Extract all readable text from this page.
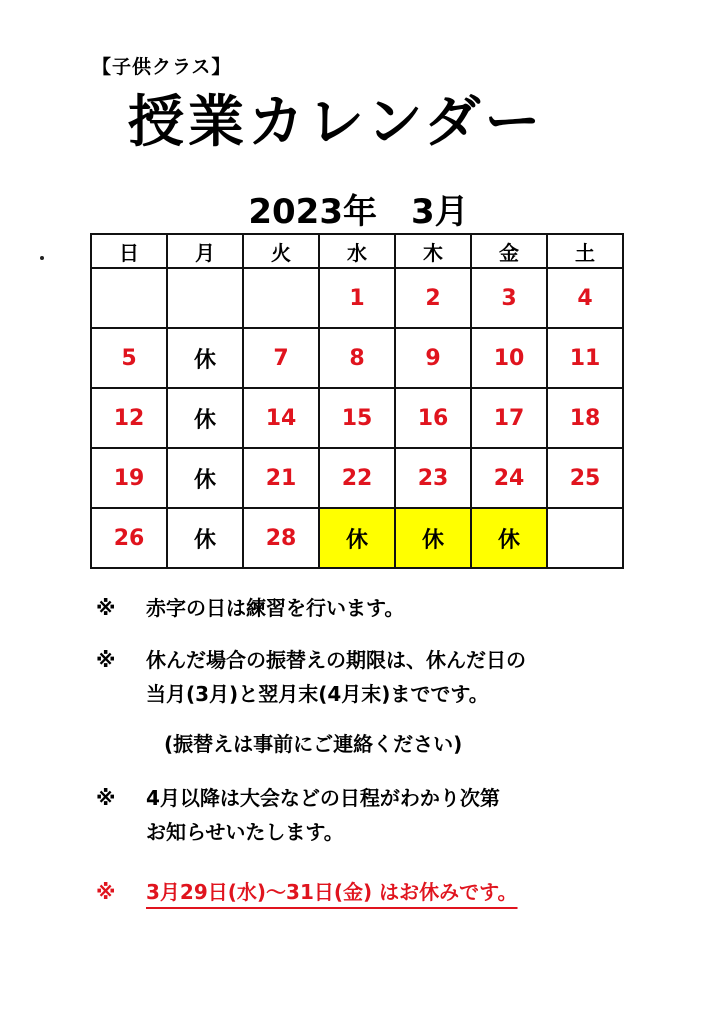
【子供クラス】
授業カレンダー
2023年　3月
日	月	火	水	木	金	土
			1	2	3	4
5	休	7	8	9	10	11
12	休	14	15	16	17	18
19	休	21	22	23	24	25
26	休	28	休	休	休	
※ 赤字の日は練習を行います。
※ 休んだ場合の振替えの期限は、休んだ日の
当月(3月)と翌月末(4月末)までです。
(振替えは事前にご連絡ください)
※ 4月以降は大会などの日程がわかり次第
お知らせいたします。
※ 3月29日(水)～31日(金) はお休みです。
